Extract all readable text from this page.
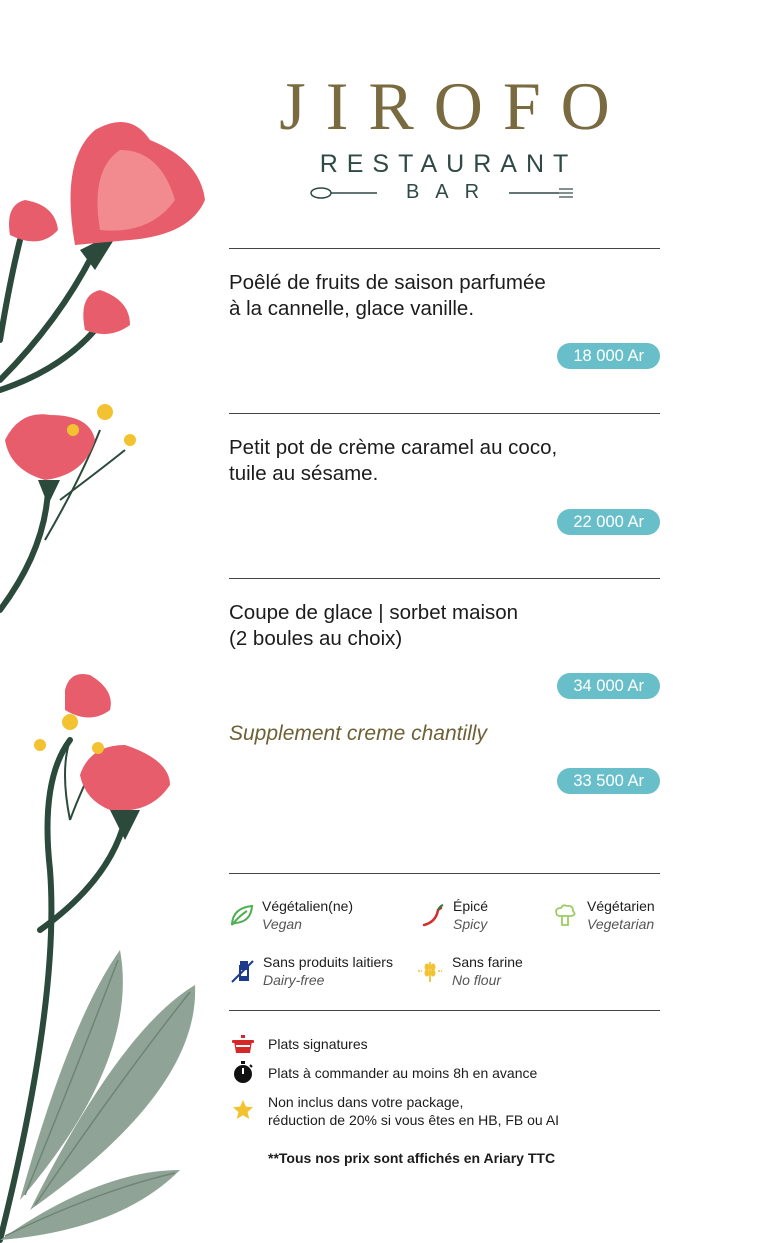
JIROFO
RESTAURANT
BAR
Poêlé de fruits de saison parfumée
à la cannelle, glace vanille.
18 000 Ar
Petit pot de crème caramel au coco,
tuile au sésame.
22 000 Ar
Coupe de glace | sorbet maison
(2 boules au choix)
34 000 Ar
Supplement creme chantilly
33 500 Ar
Végétalien(ne)
Vegan
Épicé
Spicy
Végétarien
Vegetarian
Sans produits laitiers
Dairy-free
Sans farine
No flour
Plats signatures
Plats à commander au moins 8h en avance
Non inclus dans votre package,
réduction de 20% si vous êtes en HB, FB ou AI
**Tous nos prix sont affichés en Ariary TTC
